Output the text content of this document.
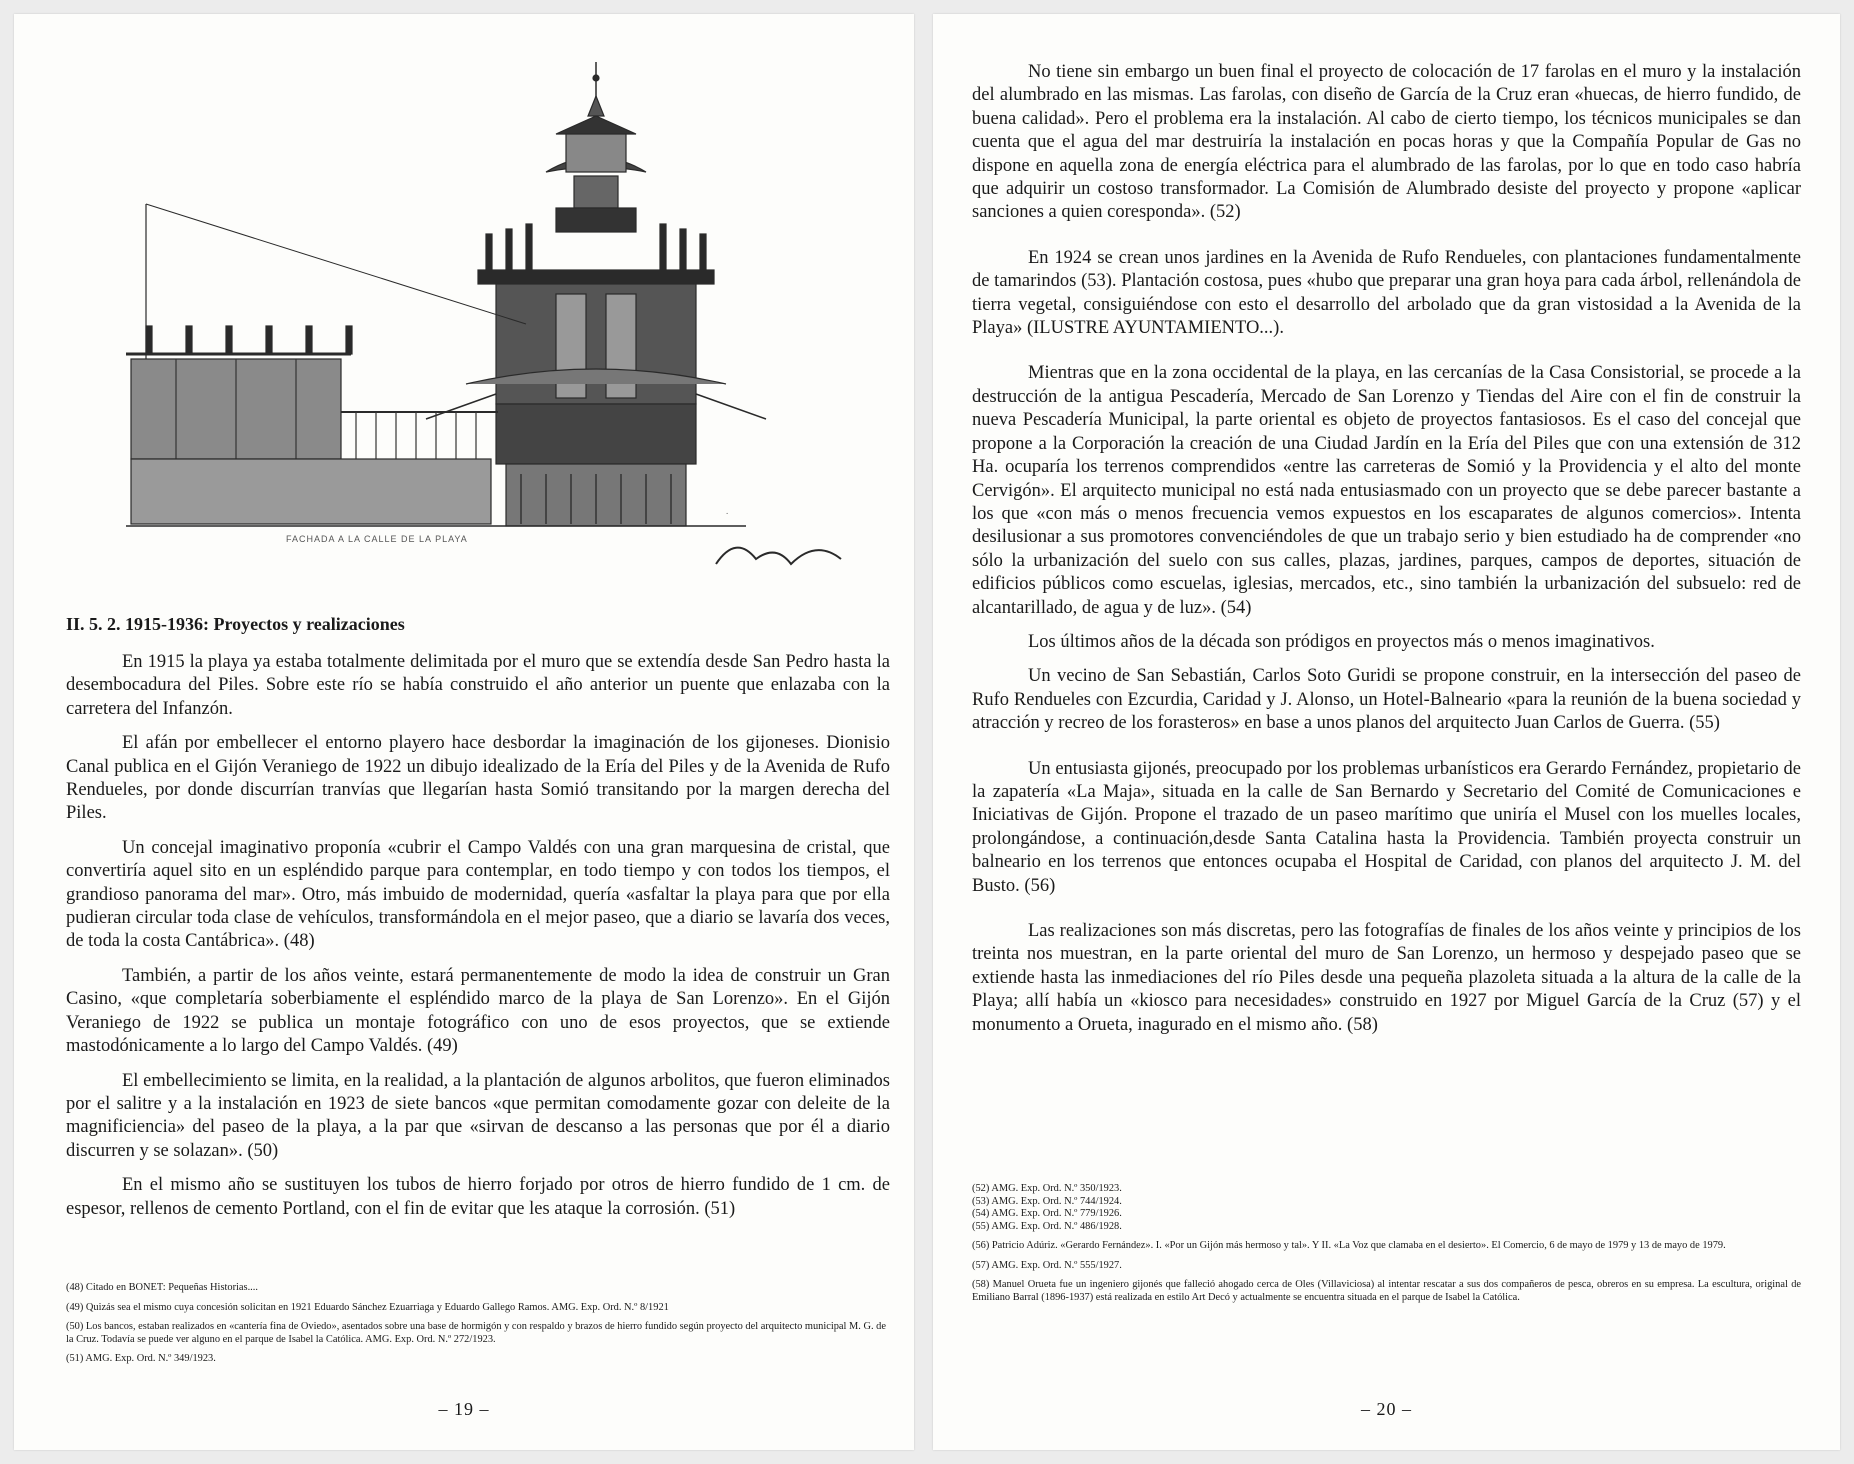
.
FACHADA A LA CALLE DE LA PLAYA
II. 5. 2. 1915-1936: Proyectos y realizaciones

En 1915 la playa ya estaba totalmente delimitada por el muro que se extendía desde San Pedro hasta la desembocadura del Piles. Sobre este río se había construido el año anterior un puente que enlazaba con la carretera del Infanzón.

El afán por embellecer el entorno playero hace desbordar la imaginación de los gijoneses. Dionisio Canal publica en el Gijón Veraniego de 1922 un dibujo idealizado de la Ería del Piles y de la Avenida de Rufo Rendueles, por donde discurrían tranvías que llegarían hasta Somió transitando por la margen derecha del Piles.

Un concejal imaginativo proponía «cubrir el Campo Valdés con una gran marquesina de cristal, que convertiría aquel sito en un espléndido parque para contemplar, en todo tiempo y con todos los tiempos, el grandioso panorama del mar». Otro, más imbuido de modernidad, quería «asfaltar la playa para que por ella pudieran circular toda clase de vehículos, transformándola en el mejor paseo, que a diario se lavaría dos veces, de toda la costa Cantábrica». (48)

También, a partir de los años veinte, estará permanentemente de modo la idea de construir un Gran Casino, «que completaría soberbiamente el espléndido marco de la playa de San Lorenzo». En el Gijón Veraniego de 1922 se publica un montaje fotográfico con uno de esos proyectos, que se extiende mastodónicamente a lo largo del Campo Valdés. (49)

El embellecimiento se limita, en la realidad, a la plantación de algunos arbolitos, que fueron eliminados por el salitre y a la instalación en 1923 de siete bancos «que permitan comodamente gozar con deleite de la magnificiencia» del paseo de la playa, a la par que «sirvan de descanso a las personas que por él a diario discurren y se solazan». (50)

En el mismo año se sustituyen los tubos de hierro forjado por otros de hierro fundido de 1 cm. de espesor, rellenos de cemento Portland, con el fin de evitar que les ataque la corrosión. (51)

(48) Citado en BONET: Pequeñas Historias....
(49) Quizás sea el mismo cuya concesión solicitan en 1921 Eduardo Sánchez Ezuarriaga y Eduardo Gallego Ramos. AMG. Exp. Ord. N.º 8/1921
(50) Los bancos, estaban realizados en «cantería fina de Oviedo», asentados sobre una base de hormigón y con respaldo y brazos de hierro fundido según proyecto del arquitecto municipal M. G. de la Cruz. Todavía se puede ver alguno en el parque de Isabel la Católica. AMG. Exp. Ord. N.º 272/1923.
(51) AMG. Exp. Ord. N.º 349/1923.
– 19 –

No tiene sin embargo un buen final el proyecto de colocación de 17 farolas en el muro y la instalación del alumbrado en las mismas. Las farolas, con diseño de García de la Cruz eran «huecas, de hierro fundido, de buena calidad». Pero el problema era la instalación. Al cabo de cierto tiempo, los técnicos municipales se dan cuenta que el agua del mar destruiría la instalación en pocas horas y que la Compañía Popular de Gas no dispone en aquella zona de energía eléctrica para el alumbrado de las farolas, por lo que en todo caso habría que adquirir un costoso transformador. La Comisión de Alumbrado desiste del proyecto y propone «aplicar sanciones a quien coresponda». (52)

En 1924 se crean unos jardines en la Avenida de Rufo Rendueles, con plantaciones fundamentalmente de tamarindos (53). Plantación costosa, pues «hubo que preparar una gran hoya para cada árbol, rellenándola de tierra vegetal, consiguiéndose con esto el desarrollo del arbolado que da gran vistosidad a la Avenida de la Playa» (ILUSTRE AYUNTAMIENTO...).

Mientras que en la zona occidental de la playa, en las cercanías de la Casa Consistorial, se procede a la destrucción de la antigua Pescadería, Mercado de San Lorenzo y Tiendas del Aire con el fin de construir la nueva Pescadería Municipal, la parte oriental es objeto de proyectos fantasiosos. Es el caso del concejal que propone a la Corporación la creación de una Ciudad Jardín en la Ería del Piles que con una extensión de 312 Ha. ocuparía los terrenos comprendidos «entre las carreteras de Somió y la Providencia y el alto del monte Cervigón». El arquitecto municipal no está nada entusiasmado con un proyecto que se debe parecer bastante a los que «con más o menos frecuencia vemos expuestos en los escaparates de algunos comercios». Intenta desilusionar a sus promotores convenciéndoles de que un trabajo serio y bien estudiado ha de comprender «no sólo la urbanización del suelo con sus calles, plazas, jardines, parques, campos de deportes, situación de edificios públicos como escuelas, iglesias, mercados, etc., sino también la urbanización del subsuelo: red de alcantarillado, de agua y de luz». (54)

Los últimos años de la década son pródigos en proyectos más o menos imaginativos.

Un vecino de San Sebastián, Carlos Soto Guridi se propone construir, en la intersección del paseo de Rufo Rendueles con Ezcurdia, Caridad y J. Alonso, un Hotel-Balneario «para la reunión de la buena sociedad y atracción y recreo de los forasteros» en base a unos planos del arquitecto Juan Carlos de Guerra. (55)

Un entusiasta gijonés, preocupado por los problemas urbanísticos era Gerardo Fernández, propietario de la zapatería «La Maja», situada en la calle de San Bernardo y Secretario del Comité de Comunicaciones e Iniciativas de Gijón. Propone el trazado de un paseo marítimo que uniría el Musel con los muelles locales, prolongándose, a continuación,desde Santa Catalina hasta la Providencia. También proyecta construir un balneario en los terrenos que entonces ocupaba el Hospital de Caridad, con planos del arquitecto J. M. del Busto. (56)

Las realizaciones son más discretas, pero las fotografías de finales de los años veinte y principios de los treinta nos muestran, en la parte oriental del muro de San Lorenzo, un hermoso y despejado paseo que se extiende hasta las inmediaciones del río Piles desde una pequeña plazoleta situada a la altura de la calle de la Playa; allí había un «kiosco para necesidades» construido en 1927 por Miguel García de la Cruz (57) y el monumento a Orueta, inagurado en el mismo año. (58)

(52) AMG. Exp. Ord. N.º 350/1923.
(53) AMG. Exp. Ord. N.º 744/1924.
(54) AMG. Exp. Ord. N.º 779/1926.
(55) AMG. Exp. Ord. N.º 486/1928.
(56) Patricio Adúriz. «Gerardo Fernández». I. «Por un Gijón más hermoso y tal». Y II. «La Voz que clamaba en el desierto». El Comercio, 6 de mayo de 1979 y 13 de mayo de 1979.
(57) AMG. Exp. Ord. N.º 555/1927.
(58) Manuel Orueta fue un ingeniero gijonés que falleció ahogado cerca de Oles (Villaviciosa) al intentar rescatar a sus dos compañeros de pesca, obreros en su empresa. La escultura, original de Emiliano Barral (1896-1937) está realizada en estilo Art Decó y actualmente se encuentra situada en el parque de Isabel la Católica.
– 20 –
